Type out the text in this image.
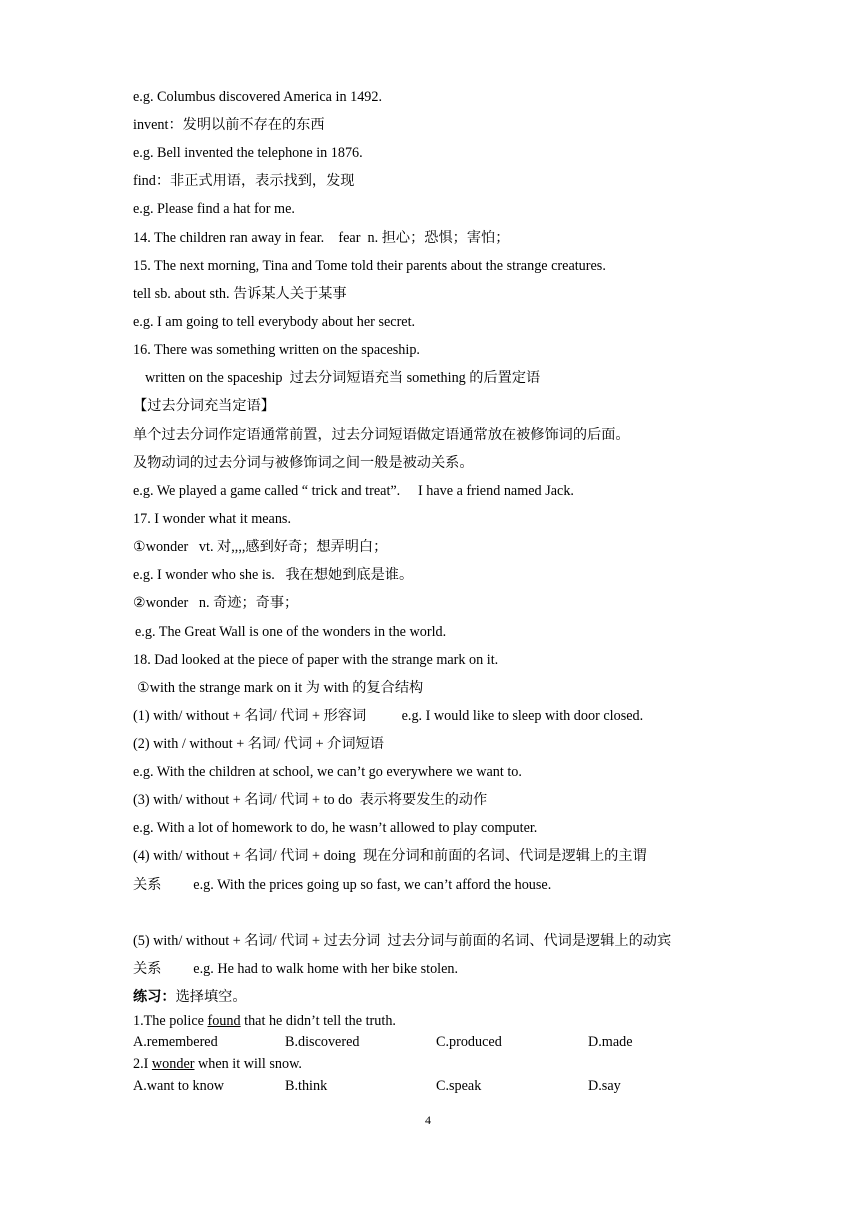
e.g. Columbus discovered America in 1492.
invent：发明以前不存在的东西
e.g. Bell invented the telephone in 1876.
find：非正式用语，表示找到，发现
e.g. Please find a hat for me.
14. The children ran away in fear.    fear  n. 担心；恐惧；害怕；
15. The next morning, Tina and Tome told their parents about the strange creatures.
tell sb. about sth. 告诉某人关于某事
e.g. I am going to tell everybody about her secret.
16. There was something written on the spaceship.
written on the spaceship  过去分词短语充当 something 的后置定语
【过去分词充当定语】
单个过去分词作定语通常前置，过去分词短语做定语通常放在被修饰词的后面。
及物动词的过去分词与被修饰词之间一般是被动关系。
e.g. We played a game called “ trick and treat”.     I have a friend named Jack.
17. I wonder what it means.
①wonder   vt. 对,,,,感到好奇；想弄明白；
e.g. I wonder who she is.   我在想她到底是谁。
②wonder   n. 奇迹；奇事；
e.g. The Great Wall is one of the wonders in the world.
18. Dad looked at the piece of paper with the strange mark on it.
①with the strange mark on it 为 with 的复合结构
(1) with/ without + 名词/ 代词 + 形容词          e.g. I would like to sleep with door closed.
(2) with / without + 名词/ 代词 + 介词短语
e.g. With the children at school, we can’t go everywhere we want to.
(3) with/ without + 名词/ 代词 + to do  表示将要发生的动作
e.g. With a lot of homework to do, he wasn’t allowed to play computer.
(4) with/ without + 名词/ 代词 + doing  现在分词和前面的名词、代词是逻辑上的主谓
关系         e.g. With the prices going up so fast, we can’t afford the house.
(5) with/ without + 名词/ 代词 + 过去分词  过去分词与前面的名词、代词是逻辑上的动宾
关系         e.g. He had to walk home with her bike stolen.
练习：选择填空。
1.The police found that he didn’t tell the truth.
A.remembered	B.discovered	C.produced	D.made
2.I wonder when it will snow.
A.want to know	B.think	C.speak	D.say
4
